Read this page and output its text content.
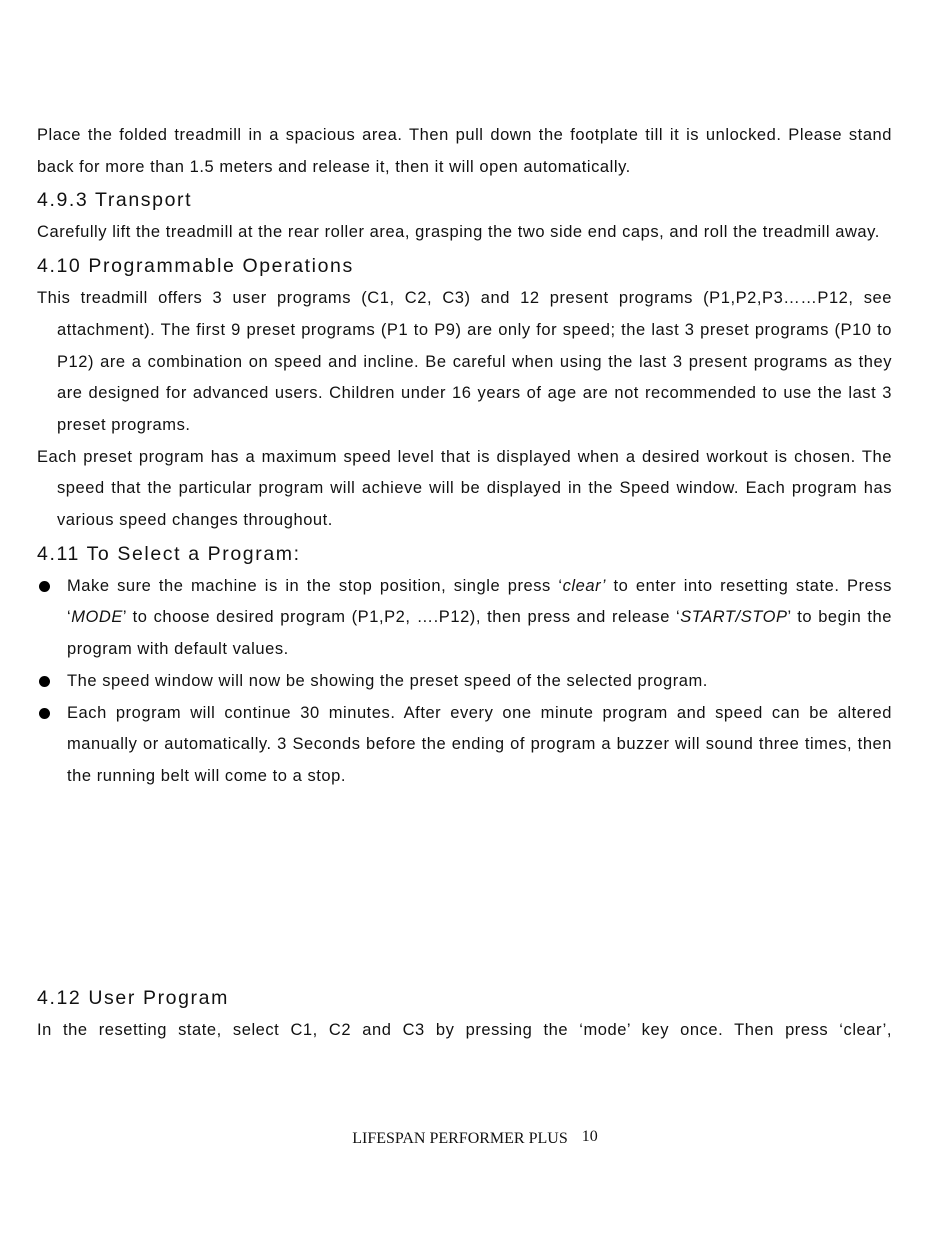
Place the folded treadmill in a spacious area. Then pull down the footplate till it is unlocked. Please stand back for more than 1.5 meters and release it, then it will open automatically.

4.9.3 Transport

Carefully lift the treadmill at the rear roller area, grasping the two side end caps, and roll the treadmill away.

4.10 Programmable Operations

This treadmill offers 3 user programs (C1, C2, C3) and 12 present programs (P1,P2,P3……P12, see attachment). The first 9 preset programs (P1 to P9) are only for speed; the last 3 preset programs (P10 to P12) are a combination on speed and incline. Be careful when using the last 3 present programs as they are designed for advanced users. Children under 16 years of age are not recommended to use the last 3 preset programs.

Each preset program has a maximum speed level that is displayed when a desired workout is chosen. The speed that the particular program will achieve will be displayed in the Speed window. Each program has various speed changes throughout.

4.11 To Select a Program:
Make sure the machine is in the stop position, single press ‘clear’ to enter into resetting state. Press ‘MODE’ to choose desired program (P1,P2, ….P12), then press and release ‘START/STOP’ to begin the program with default values.
The speed window will now be showing the preset speed of the selected program.
Each program will continue 30 minutes. After every one minute program and speed can be altered manually or automatically. 3 Seconds before the ending of program a buzzer will sound three times, then the running belt will come to a stop.
4.12 User Program

In the resetting state, select C1, C2 and C3 by pressing the ‘mode’ key once. Then press ‘clear’,

LIFESPAN PERFORMER PLUS 10
